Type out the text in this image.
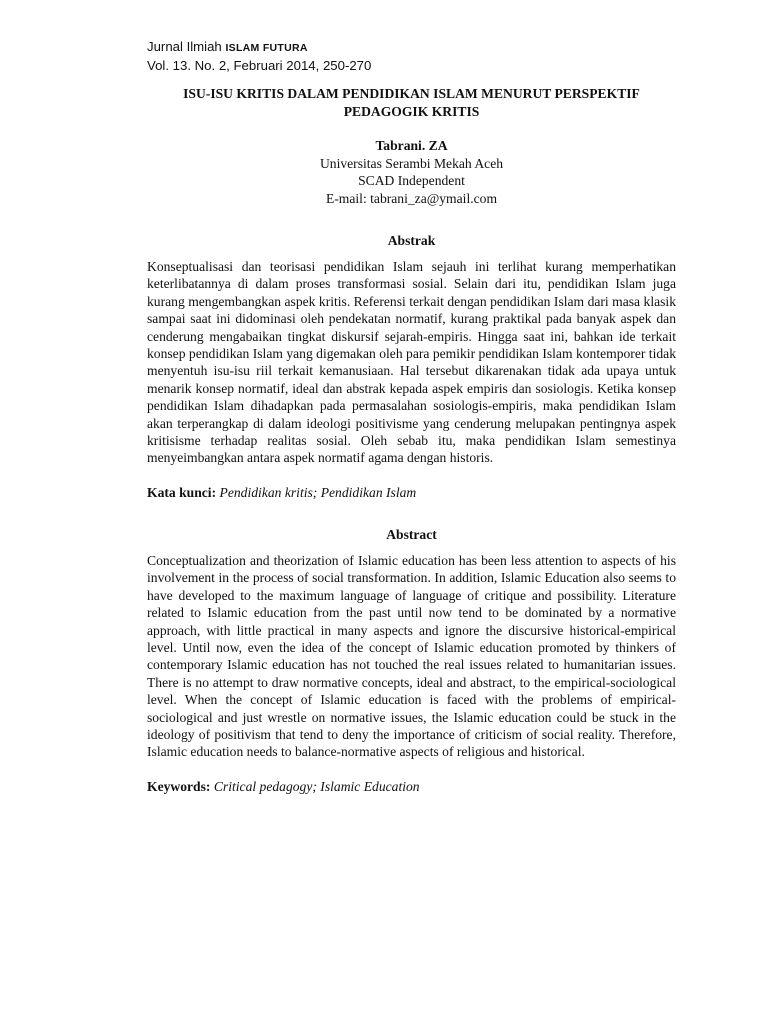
Jurnal Ilmiah ISLAM FUTURA
Vol. 13. No. 2, Februari 2014, 250-270
ISU-ISU KRITIS DALAM PENDIDIKAN ISLAM MENURUT PERSPEKTIF
PEDAGOGIK KRITIS
Tabrani. ZA
Universitas Serambi Mekah Aceh
SCAD Independent
E-mail: tabrani_za@ymail.com
Abstrak
Konseptualisasi dan teorisasi pendidikan Islam sejauh ini terlihat kurang memperhatikan keterlibatannya di dalam proses transformasi sosial. Selain dari itu, pendidikan Islam juga kurang mengembangkan aspek kritis. Referensi terkait dengan pendidikan Islam dari masa klasik sampai saat ini didominasi oleh pendekatan normatif, kurang praktikal pada banyak aspek dan cenderung mengabaikan tingkat diskursif sejarah-empiris. Hingga saat ini, bahkan ide terkait konsep pendidikan Islam yang digemakan oleh para pemikir pendidikan Islam kontemporer tidak menyentuh isu-isu riil terkait kemanusiaan. Hal tersebut dikarenakan tidak ada upaya untuk menarik konsep normatif, ideal dan abstrak kepada aspek empiris dan sosiologis. Ketika konsep pendidikan Islam dihadapkan pada permasalahan sosiologis-empiris, maka pendidikan Islam akan terperangkap di dalam ideologi positivisme yang cenderung melupakan pentingnya aspek kritisisme terhadap realitas sosial. Oleh sebab itu, maka pendidikan Islam semestinya menyeimbangkan antara aspek normatif agama dengan historis.
Kata kunci: Pendidikan kritis; Pendidikan Islam
Abstract
Conceptualization and theorization of Islamic education has been less attention to aspects of his involvement in the process of social transformation. In addition, Islamic Education also seems to have developed to the maximum language of language of critique and possibility. Literature related to Islamic education from the past until now tend to be dominated by a normative approach, with little practical in many aspects and ignore the discursive historical-empirical level. Until now, even the idea of the concept of Islamic education promoted by thinkers of contemporary Islamic education has not touched the real issues related to humanitarian issues. There is no attempt to draw normative concepts, ideal and abstract, to the empirical-sociological level. When the concept of Islamic education is faced with the problems of empirical-sociological and just wrestle on normative issues, the Islamic education could be stuck in the ideology of positivism that tend to deny the importance of criticism of social reality. Therefore, Islamic education needs to balance-normative aspects of religious and historical.
Keywords: Critical pedagogy; Islamic Education
